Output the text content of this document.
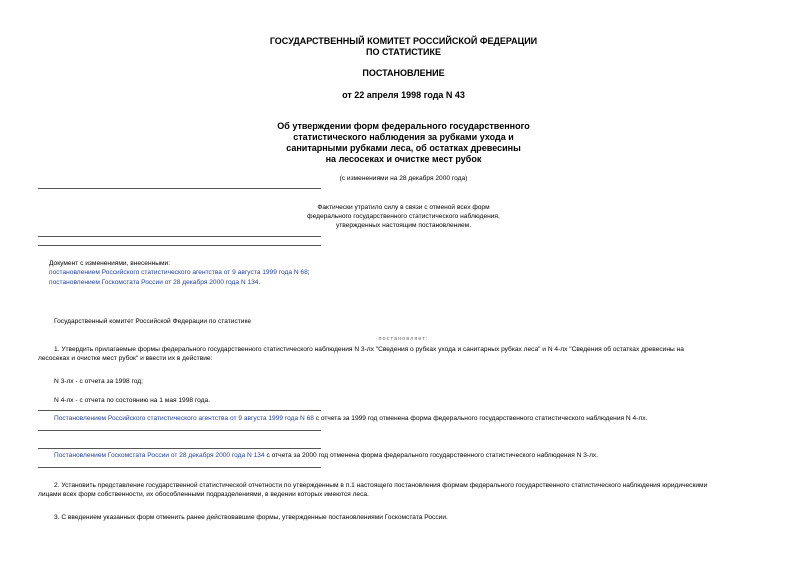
ГОСУДАРСТВЕННЫЙ КОМИТЕТ РОССИЙСКОЙ ФЕДЕРАЦИИ
ПО СТАТИСТИКЕ
ПОСТАНОВЛЕНИЕ
от 22 апреля 1998 года N 43
Об утверждении форм федерального государственного
статистического наблюдения за рубками ухода и
санитарными рубками леса, об остатках древесины
на лесосеках и очистке мест рубок
(с изменениями на 28 декабря 2000 года)
Фактически утратило силу в связи с отменой всех форм
федерального государственного статистического наблюдения,
утвержденных настоящим постановлением.
Документ с изменениями, внесенными:
постановлением Российского статистического агентства от 9 августа 1999 года N 68;
постановлением Госкомстата России от 28 декабря 2000 года N 134.
Государственный комитет Российской Федерации по статистике
постановляет:
1. Утвердить прилагаемые формы федерального государственного статистического наблюдения N 3-лх "Сведения о рубках ухода и санитарных рубках леса" и N 4-лх "Сведения об остатках древесины на
лесосеках и очистке мест рубок" и ввести их в действие:
N 3-лх - с отчета за 1998 год;
N 4-лх - с отчета по состоянию на 1 мая 1998 года.
Постановлением Российского статистического агентства от 9 августа 1999 года N 68 с отчета за 1999 год отменена форма федерального государственного статистического наблюдения N 4-лх.
Постановлением Госкомстата России от 28 декабря 2000 года N 134 с отчета за 2000 год отменена форма федерального государственного статистического наблюдения N 3-лх.
2. Установить представление государственной статистической отчетности по утвержденным в п.1 настоящего постановления формам федерального государственного статистического наблюдения юридическими
лицами всех форм собственности, их обособленными подразделениями, в ведении которых имеются леса.
3. С введением указанных форм отменить ранее действовавшие формы, утвержденные постановлениями Госкомстата России.
